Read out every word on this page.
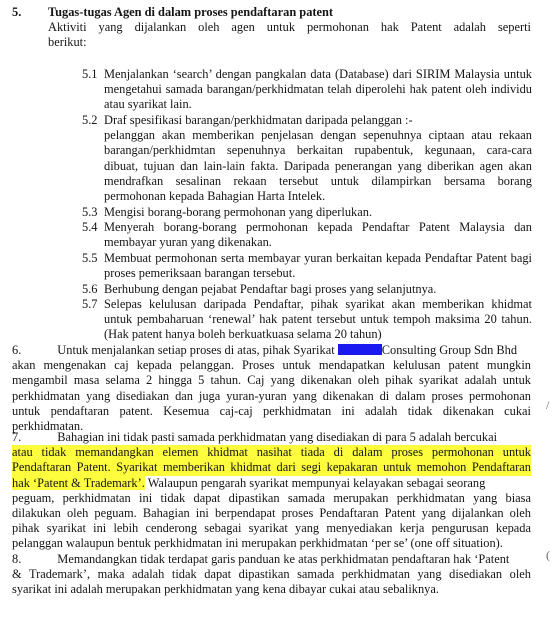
5. Tugas-tugas Agen di dalam proses pendaftaran patent
Aktiviti yang dijalankan oleh agen untuk permohonan hak Patent adalah seperti
berikut:
5.1 Menjalankan ‘search’ dengan pangkalan data (Database) dari SIRIM Malaysia untuk
mengetahui samada barangan/perkhidmatan telah diperolehi hak patent oleh individu
atau syarikat lain.
5.2 Draf spesifikasi barangan/perkhidmatan daripada pelanggan :-
pelanggan akan memberikan penjelasan dengan sepenuhnya ciptaan atau rekaan
barangan/perkhidmtan sepenuhnya berkaitan rupabentuk, kegunaan, cara-cara
dibuat, tujuan dan lain-lain fakta. Daripada penerangan yang diberikan agen akan
mendrafkan sesalinan rekaan tersebut untuk dilampirkan bersama borang
permohonan kepada Bahagian Harta Intelek.
5.3 Mengisi borang-borang permohonan yang diperlukan.
5.4 Menyerah borang-borang permohonan kepada Pendaftar Patent Malaysia dan
membayar yuran yang dikenakan.
5.5 Membuat permohonan serta membayar yuran berkaitan kepada Pendaftar Patent bagi
proses pemeriksaan barangan tersebut.
5.6 Berhubung dengan pejabat Pendaftar bagi proses yang selanjutnya.
5.7 Selepas kelulusan daripada Pendaftar, pihak syarikat akan memberikan khidmat
untuk pembaharuan ‘renewal’ hak patent tersebut untuk tempoh maksima 20 tahun.
(Hak patent hanya boleh berkuatkuasa selama 20 tahun)
6.	Untuk menjalankan setiap proses di atas, pihak Syarikat	Consulting Group Sdn Bhd
akan mengenakan caj kepada pelanggan. Proses untuk mendapatkan kelulusan patent mungkin
mengambil masa selama 2 hingga 5 tahun. Caj yang dikenakan oleh pihak syarikat adalah untuk
perkhidmatan yang disediakan dan juga yuran-yuran yang dikenakan di dalam proses permohonan
untuk pendaftaran patent. Kesemua caj-caj perkhidmatan ini adalah tidak dikenakan cukai
perkhidmatan.
7.	Bahagian ini tidak pasti samada perkhidmatan yang disediakan di para 5 adalah bercukai
atau tidak memandangkan elemen khidmat nasihat tiada di dalam proses permohonan untuk
Pendaftaran Patent. Syarikat memberikan khidmat dari segi kepakaran untuk memohon Pendaftaran
hak ‘Patent & Trademark’. Walaupun pengarah syarikat mempunyai kelayakan sebagai seorang
peguam, perkhidmatan ini tidak dapat dipastikan samada merupakan perkhidmatan yang biasa
dilakukan oleh peguam. Bahagian ini berpendapat proses Pendaftaran Patent yang dijalankan oleh
pihak syarikat ini lebih cenderong sebagai syarikat yang menyediakan kerja pengurusan kepada
pelanggan walaupun bentuk perkhidmatan ini merupakan perkhidmatan ‘per se’ (one off situation).
8.	Memandangkan tidak terdapat garis panduan ke atas perkhidmatan pendaftaran hak ‘Patent
& Trademark’, maka adalah tidak dapat dipastikan samada perkhidmatan yang disediakan oleh
syarikat ini adalah merupakan perkhidmatan yang kena dibayar cukai atau sebaliknya.
/
(
